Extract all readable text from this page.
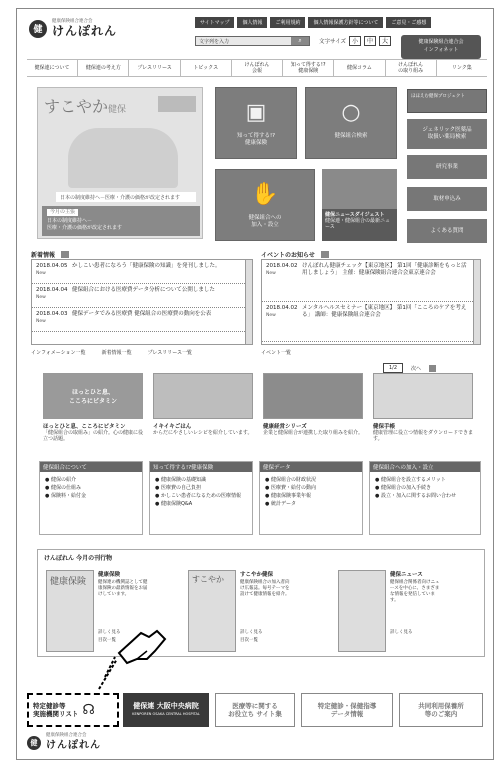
健
健康保険組合連合会
けんぽれん
サイトマップ	個人情報	ご利用規約	個人情報保護方針等について	ご意見・ご感想
文字列を入力	⌕	文字サイズ 小	中	大	健康保険組合連合会
インフォネット
健保連について	健保連の考え方	プレスリリース	トピックス	けんぽれん
会報
知って得する!?
健康保険	健保コラム	けんぽれん
の取り組み	リンク集
すこやか健保
日本の制度維持へ－医療・介護の価格が改定されます
今月の主張
日本の制度維持へ－
医療・介護の価格が改定されます
▣
知って得する!?
健康保険
○
健保組合検索
✋
健保組合への
加入・設立
健保ニュースダイジェスト
健保連・健保組合の最新ニュース
ほほえむ健保プロジェクト
ジェネリック医薬品
取扱い薬局検索
研究事業
取材申込み
よくある質問
新着情報
2018.04.05
New
かしこい患者になろう「健康保険の知識」を発刊しました。
2018.04.04
New
健保組合における医療費データ分析について公開しました
2018.04.03
New
健保データでみる医療費 健保組合の医療費の動向を公表
インフォメーション一覧	新着情報一覧	プレスリリース一覧
イベントのお知らせ
2018.04.02
New
けんぽれん健康チェック【東京地区】 第1回「健康診断をもっと活用しましょう」 主催：健康保険組合連合会東京連合会
2018.04.02
New
メンタルヘルスセミナー【東京地区】 第1回「こころのケアを考える」 講師：健康保険組合連合会
イベント一覧
1/2	次へ
ほっとひと息、
こころにビタミン
ほっとひと息、こころにビタミン
「健保組合の取組み」の紹介。心の健康に役立つ話題。
イキイキごはん
からだにやさしいレシピを紹介しています。
健康経営シリーズ
企業と健保組合が連携した取り組みを紹介。
健保手帳
健康管理に役立つ情報をダウンロードできます。
健保組合について
● 健保の紹介
● 健保の仕組み
● 保険料・給付金
知って得する!?健康保険
● 健康保険の基礎知識
● 医療費の自己負担
● かしこい患者になるための医療情報
● 健康保険Q&A
健保データ
● 健保組合の財政状況
● 医療費・給付の動向
● 健康保険事業年報
● 統計データ
健保組合への加入・設立
● 健保組合を設立するメリット
● 健保組合の加入手続き
● 設立・加入に関するお問い合わせ
けんぽれん 今月の刊行物
健康保険
健康保険
健保連の機関誌として健康保険の最新情報をお届けしています。
詳しく見る
目次一覧
すこやか	すこやか健保
健康保険組合の加入者向け広報誌。毎号テーマを設けて健康情報を紹介。
詳しく見る
目次一覧
健保ニュース
健保組合関係者向けニュースを中心に、さまざまな情報を発信しています。
詳しく見る
特定健診等
実施機関リスト ☊	健保連 大阪中央病院
KENPOREN OSAKA CENTRAL HOSPITAL
医療等に関する
お役立ち サイト集
特定健診・保健指導
データ情報
共同利用保養所
等のご案内
健
健康保険組合連合会
けんぽれん
